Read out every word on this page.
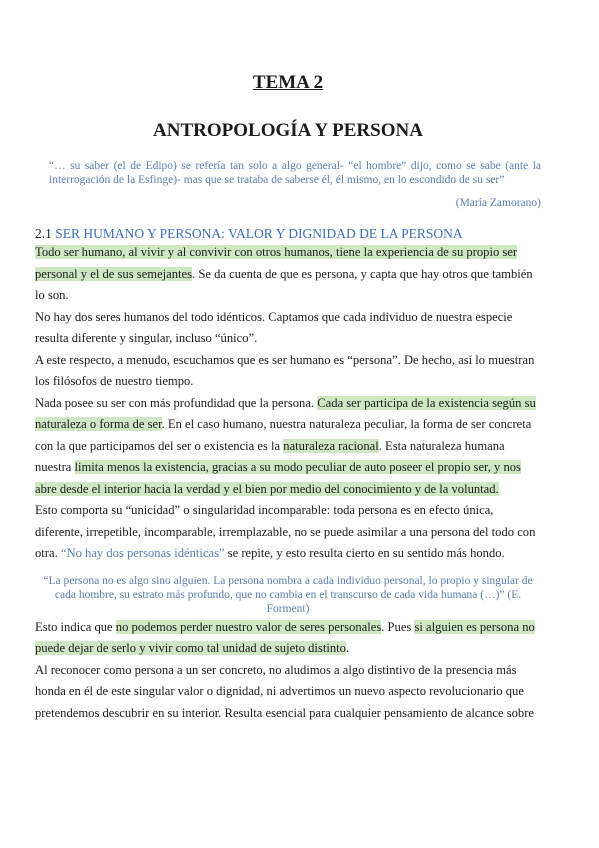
TEMA 2
ANTROPOLOGÍA Y PERSONA
“… su saber (el de Edipo) se refería tan solo a algo general- “el hombre” dijo, como se sabe (ante la interrogación de la Esfinge)- mas que se trataba de saberse él, él mismo, en lo escondido de su ser”
(María Zamorano)
2.1 SER HUMANO Y PERSONA: VALOR Y DIGNIDAD DE LA PERSONA

Todo ser humano, al vivir y al convivir con otros humanos, tiene la experiencia de su propio ser personal y el de sus semejantes. Se da cuenta de que es persona, y capta que hay otros que también lo son.

No hay dos seres humanos del todo idénticos. Captamos que cada individuo de nuestra especie resulta diferente y singular, incluso “único”.

A este respecto, a menudo, escuchamos que es ser humano es “persona”. De hecho, así lo muestran los filósofos de nuestro tiempo.

Nada posee su ser con más profundidad que la persona. Cada ser participa de la existencia según su naturaleza o forma de ser. En el caso humano, nuestra naturaleza peculiar, la forma de ser concreta con la que participamos del ser o existencia es la naturaleza racional. Esta naturaleza humana nuestra limita menos la existencia, gracias a su modo peculiar de auto poseer el propio ser, y nos abre desde el interior hacia la verdad y el bien por medio del conocimiento y de la voluntad.

Esto comporta su “unicidad” o singularidad incomparable: toda persona es en efecto única, diferente, irrepetible, incomparable, irremplazable, no se puede asimilar a una persona del todo con otra. “No hay dos personas idénticas” se repite, y esto resulta cierto en su sentido más hondo.

“La persona no es algo sino alguien. La persona nombra a cada individuo personal, lo propio y singular de cada hombre, su estrato más profundo, que no cambia en el transcurso de cada vida humana (…)” (E. Forment)

Esto indica que no podemos perder nuestro valor de seres personales. Pues si alguien es persona no puede dejar de serlo y vivir como tal unidad de sujeto distinto.

Al reconocer como persona a un ser concreto, no aludimos a algo distintivo de la presencia más honda en él de este singular valor o dignidad, ni advertimos un nuevo aspecto revolucionario que pretendemos descubrir en su interior. Resulta esencial para cualquier pensamiento de alcance sobre
